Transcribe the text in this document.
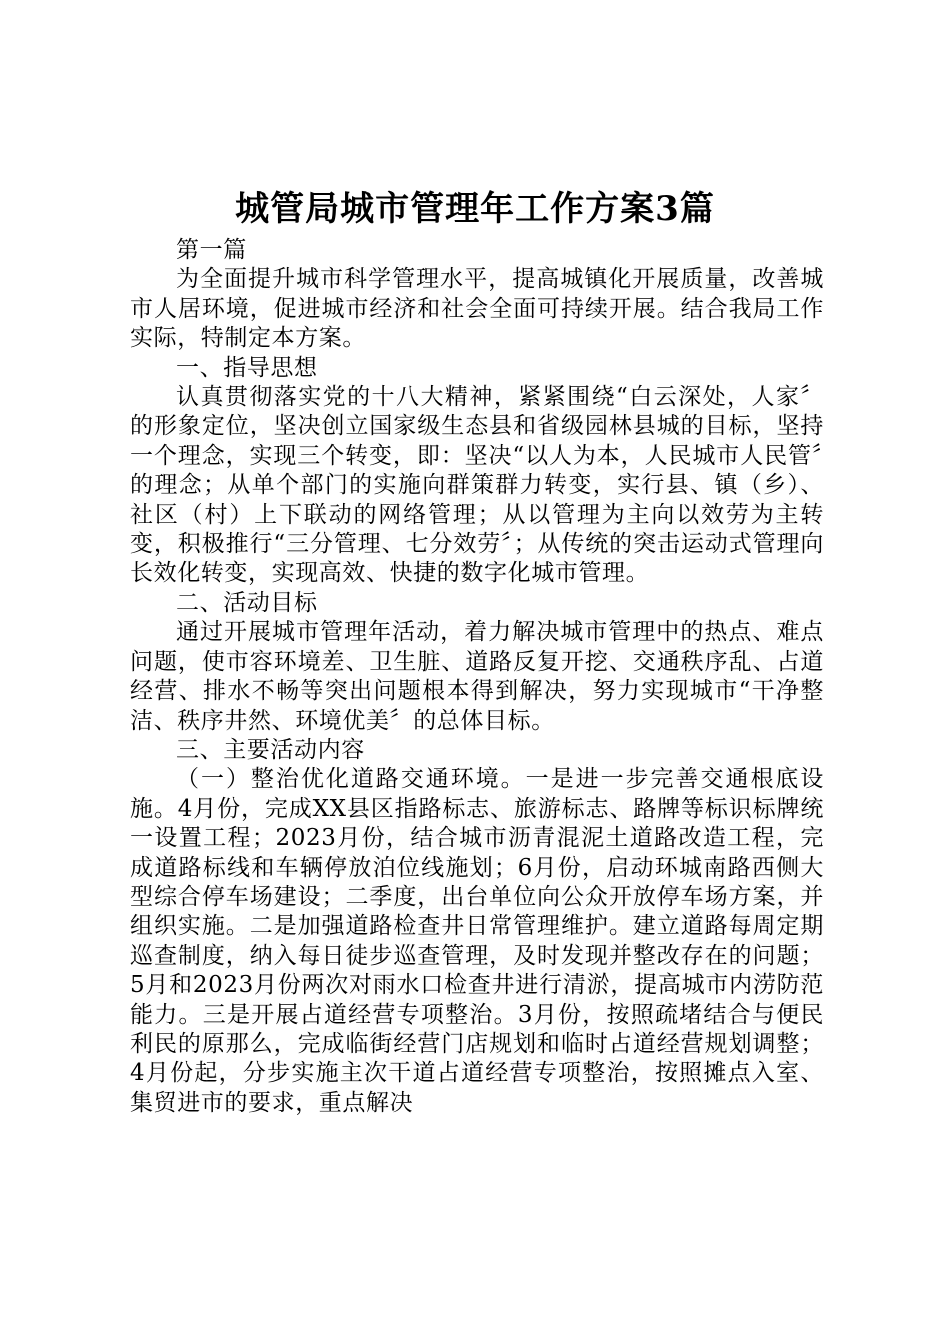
城管局城市管理年工作方案3篇

第一篇

为全面提升城市科学管理水平，提高城镇化开展质量，改善城市人居环境，促进城市经济和社会全面可持续开展。结合我局工作实际，特制定本方案。

一、指导思想

认真贯彻落实党的十八大精神，紧紧围绕“白云深处，人家〞的形象定位，坚决创立国家级生态县和省级园林县城的目标，坚持一个理念，实现三个转变，即：坚决“以人为本，人民城市人民管〞的理念；从单个部门的实施向群策群力转变，实行县、镇（乡）、社区（村）上下联动的网络管理；从以管理为主向以效劳为主转变，积极推行“三分管理、七分效劳〞；从传统的突击运动式管理向长效化转变，实现高效、快捷的数字化城市管理。

二、活动目标

通过开展城市管理年活动，着力解决城市管理中的热点、难点问题，使市容环境差、卫生脏、道路反复开挖、交通秩序乱、占道经营、排水不畅等突出问题根本得到解决，努力实现城市“干净整洁、秩序井然、环境优美〞的总体目标。

三、主要活动内容

（一）整治优化道路交通环境。一是进一步完善交通根底设施。4月份，完成XX县区指路标志、旅游标志、路牌等标识标牌统一设置工程；2023月份，结合城市沥青混泥土道路改造工程，完成道路标线和车辆停放泊位线施划；6月份，启动环城南路西侧大型综合停车场建设；二季度，出台单位向公众开放停车场方案，并组织实施。二是加强道路检查井日常管理维护。建立道路每周定期巡查制度，纳入每日徒步巡查管理，及时发现并整改存在的问题；5月和2023月份两次对雨水口检查井进行清淤，提高城市内涝防范能力。三是开展占道经营专项整治。3月份，按照疏堵结合与便民利民的原那么，完成临街经营门店规划和临时占道经营规划调整；4月份起，分步实施主次干道占道经营专项整治，按照摊点入室、集贸进市的要求，重点解决
